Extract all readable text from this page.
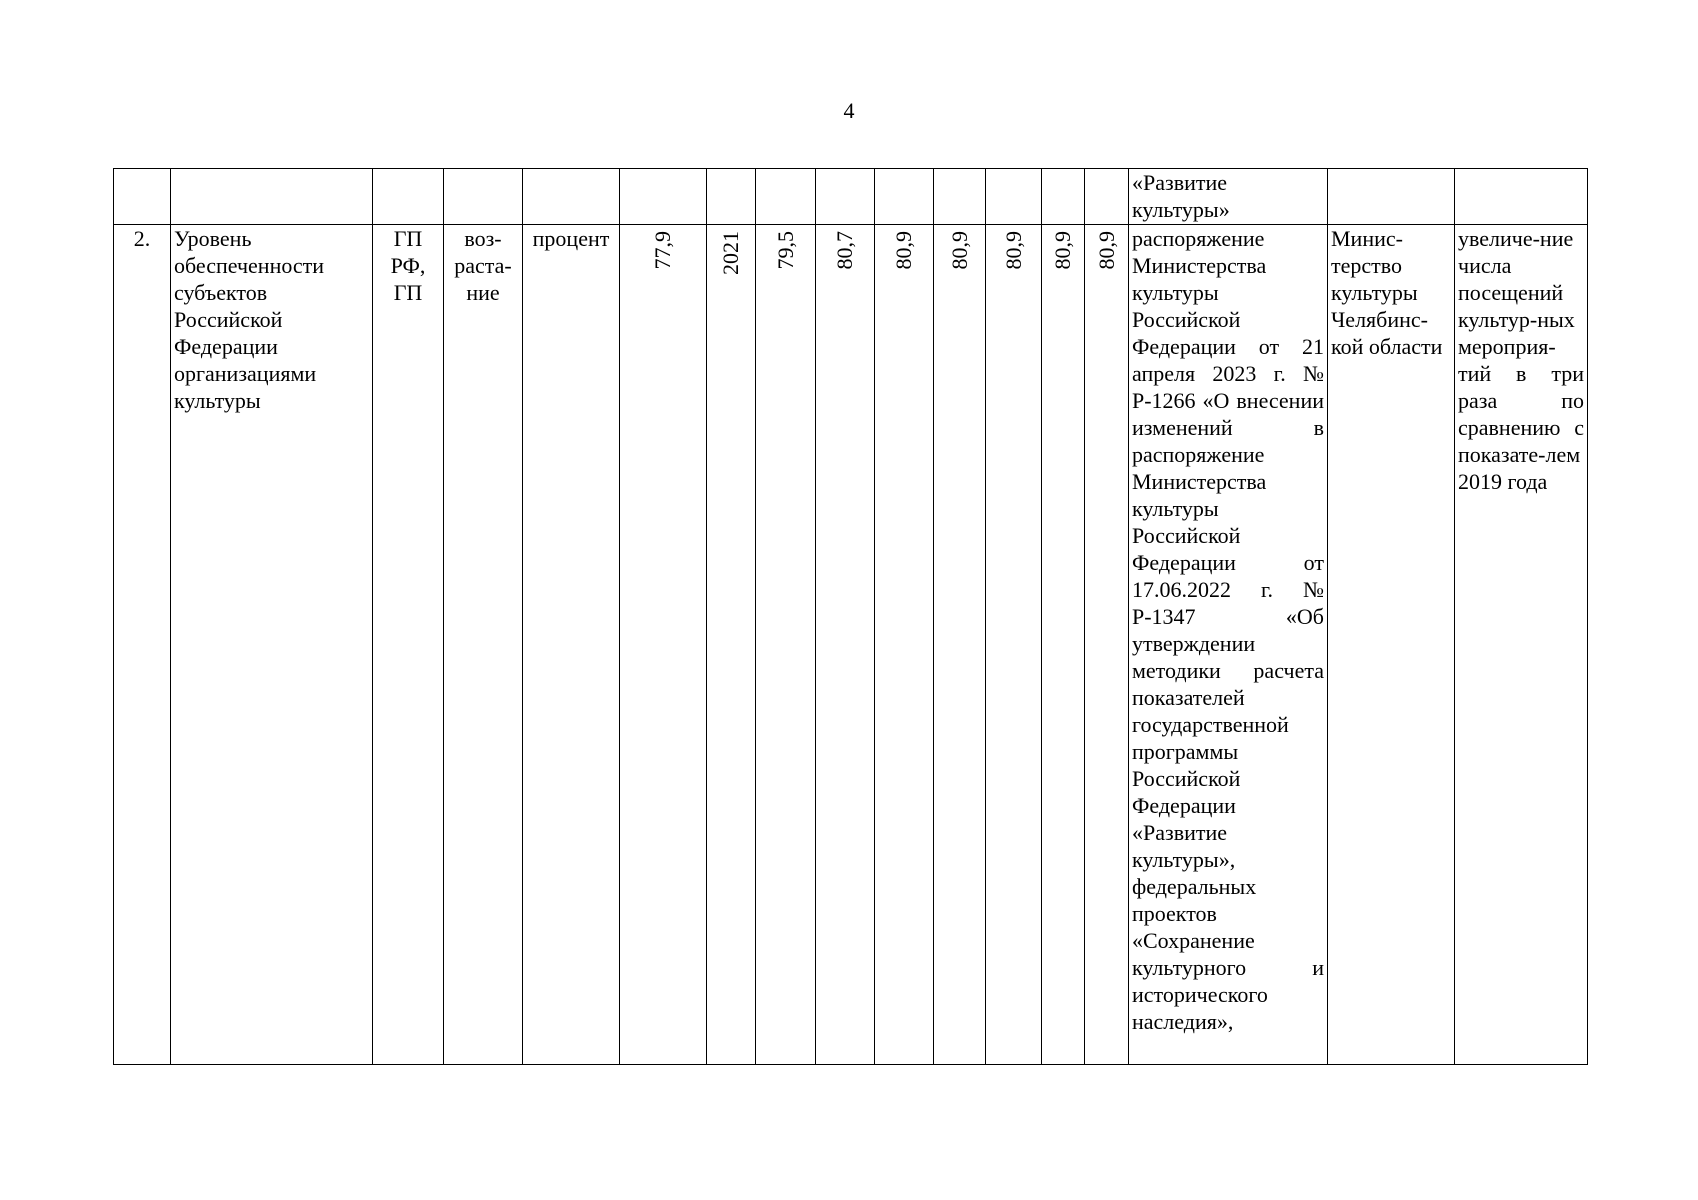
4
														«Развитие культуры»		
2.	Уровень обеспеченности субъектов Российской Федерации организациями культуры	ГП РФ, ГП	воз-раста-ние	процент	77,9	2021	79,5	80,7	80,9	80,9	80,9	80,9	80,9	распоряжение Министерства культуры Российской Федерации от 21 апреля 2023 г. № Р-1266 «О внесении изменений в распоряжение Министерства культуры Российской Федерации от 17.06.2022 г. № Р-1347 «Об утверждении методики расчета показателей государственной программы Российской Федерации «Развитие культуры», федеральных проектов «Сохранение культурного и исторического наследия»,	Минис-терство культуры Челябинс-кой области	увеличе-ние числа посещений культур-ных мероприя-тий в три раза по сравнению с показате-лем 2019 года
